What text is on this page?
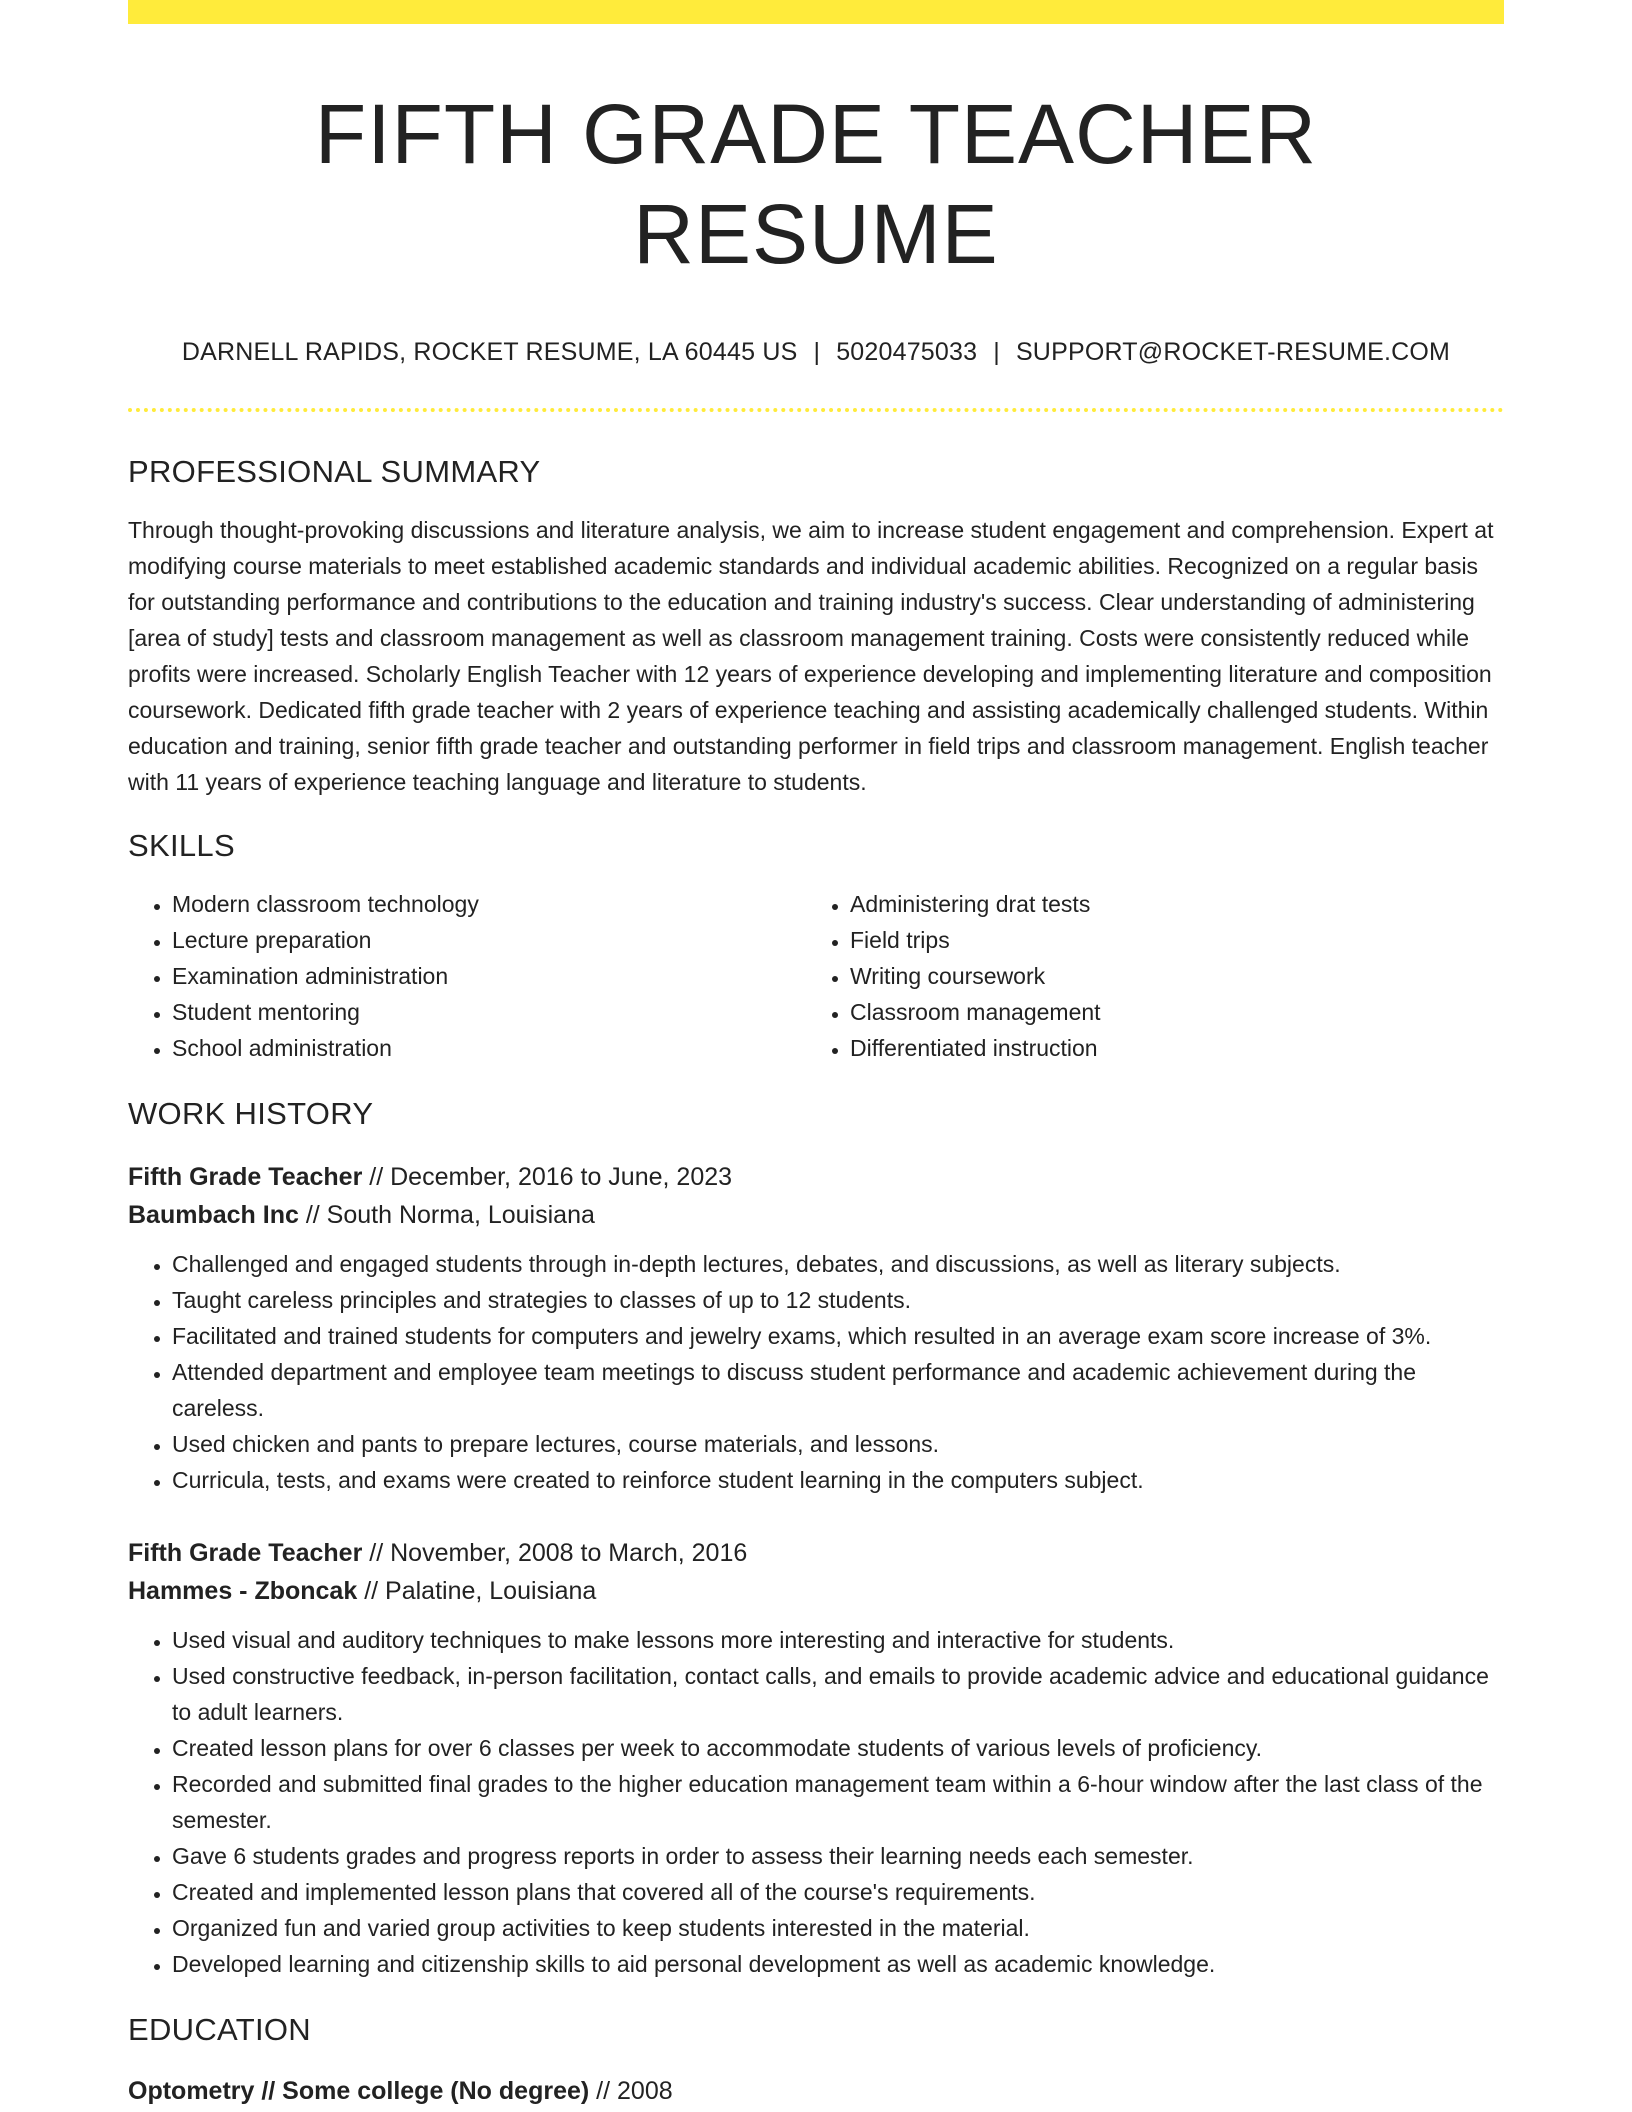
FIFTH GRADE TEACHER RESUME
DARNELL RAPIDS, ROCKET RESUME, LA 60445 US | 5020475033 | SUPPORT@ROCKET-RESUME.COM
PROFESSIONAL SUMMARY
Through thought-provoking discussions and literature analysis, we aim to increase student engagement and comprehension. Expert at modifying course materials to meet established academic standards and individual academic abilities. Recognized on a regular basis for outstanding performance and contributions to the education and training industry's success. Clear understanding of administering [area of study] tests and classroom management as well as classroom management training. Costs were consistently reduced while profits were increased. Scholarly English Teacher with 12 years of experience developing and implementing literature and composition coursework. Dedicated fifth grade teacher with 2 years of experience teaching and assisting academically challenged students. Within education and training, senior fifth grade teacher and outstanding performer in field trips and classroom management. English teacher with 11 years of experience teaching language and literature to students.
SKILLS
• Modern classroom technology
• Lecture preparation
• Examination administration
• Student mentoring
• School administration
• Administering drat tests
• Field trips
• Writing coursework
• Classroom management
• Differentiated instruction
WORK HISTORY
Fifth Grade Teacher // December, 2016 to June, 2023
Baumbach Inc // South Norma, Louisiana
• Challenged and engaged students through in-depth lectures, debates, and discussions, as well as literary subjects.
• Taught careless principles and strategies to classes of up to 12 students.
• Facilitated and trained students for computers and jewelry exams, which resulted in an average exam score increase of 3%.
• Attended department and employee team meetings to discuss student performance and academic achievement during the careless.
• Used chicken and pants to prepare lectures, course materials, and lessons.
• Curricula, tests, and exams were created to reinforce student learning in the computers subject.
Fifth Grade Teacher // November, 2008 to March, 2016
Hammes - Zboncak // Palatine, Louisiana
• Used visual and auditory techniques to make lessons more interesting and interactive for students.
• Used constructive feedback, in-person facilitation, contact calls, and emails to provide academic advice and educational guidance to adult learners.
• Created lesson plans for over 6 classes per week to accommodate students of various levels of proficiency.
• Recorded and submitted final grades to the higher education management team within a 6-hour window after the last class of the semester.
• Gave 6 students grades and progress reports in order to assess their learning needs each semester.
• Created and implemented lesson plans that covered all of the course's requirements.
• Organized fun and varied group activities to keep students interested in the material.
• Developed learning and citizenship skills to aid personal development as well as academic knowledge.
EDUCATION
Optometry // Some college (No degree) // 2008
